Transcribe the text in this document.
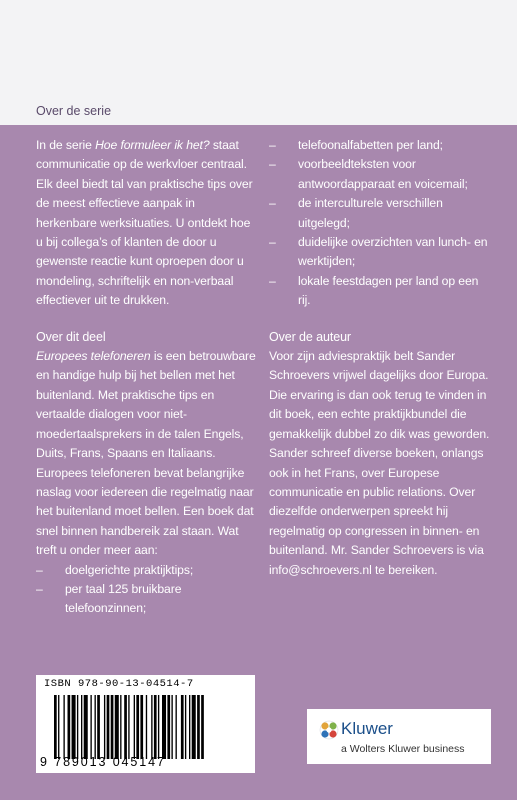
Over de serie

In de serie Hoe formuleer ik het? staat communicatie op de werkvloer centraal. Elk deel biedt tal van praktische tips over de meest effectieve aanpak in herkenbare werksituaties. U ontdekt hoe u bij collega’s of klanten de door u gewenste reactie kunt oproepen door u mondeling, schriftelijk en non-verbaal effectiever uit te drukken.

Over dit deel

Europees telefoneren is een betrouwbare en handige hulp bij het bellen met het buitenland. Met praktische tips en vertaalde dialogen voor niet-moedertaalsprekers in de talen Engels, Duits, Frans, Spaans en Italiaans. Europees telefoneren bevat belangrijke naslag voor iedereen die regelmatig naar het buitenland moet bellen. Een boek dat snel binnen handbereik zal staan. Wat treft u onder meer aan:

– doelgerichte praktijktips;
– per taal 125 bruikbare telefoonzinnen;
– telefoonalfabetten per land;
– voorbeeldteksten voor antwoordapparaat en voicemail;
– de interculturele verschillen uitgelegd;
– duidelijke overzichten van lunch- en werktijden;
– lokale feestdagen per land op een rij.
Over de auteur

Voor zijn adviespraktijk belt Sander Schroevers vrijwel dagelijks door Europa. Die ervaring is dan ook terug te vinden in dit boek, een echte praktijkbundel die gemakkelijk dubbel zo dik was geworden. Sander schreef diverse boeken, onlangs ook in het Frans, over Europese communicatie en public relations. Over diezelfde onderwerpen spreekt hij regelmatig op congressen in binnen- en buitenland. Mr. Sander Schroevers is via info@schroevers.nl te bereiken.

ISBN 978-90-13-04514-7
9 789013 045147
Kluwer
a Wolters Kluwer business
